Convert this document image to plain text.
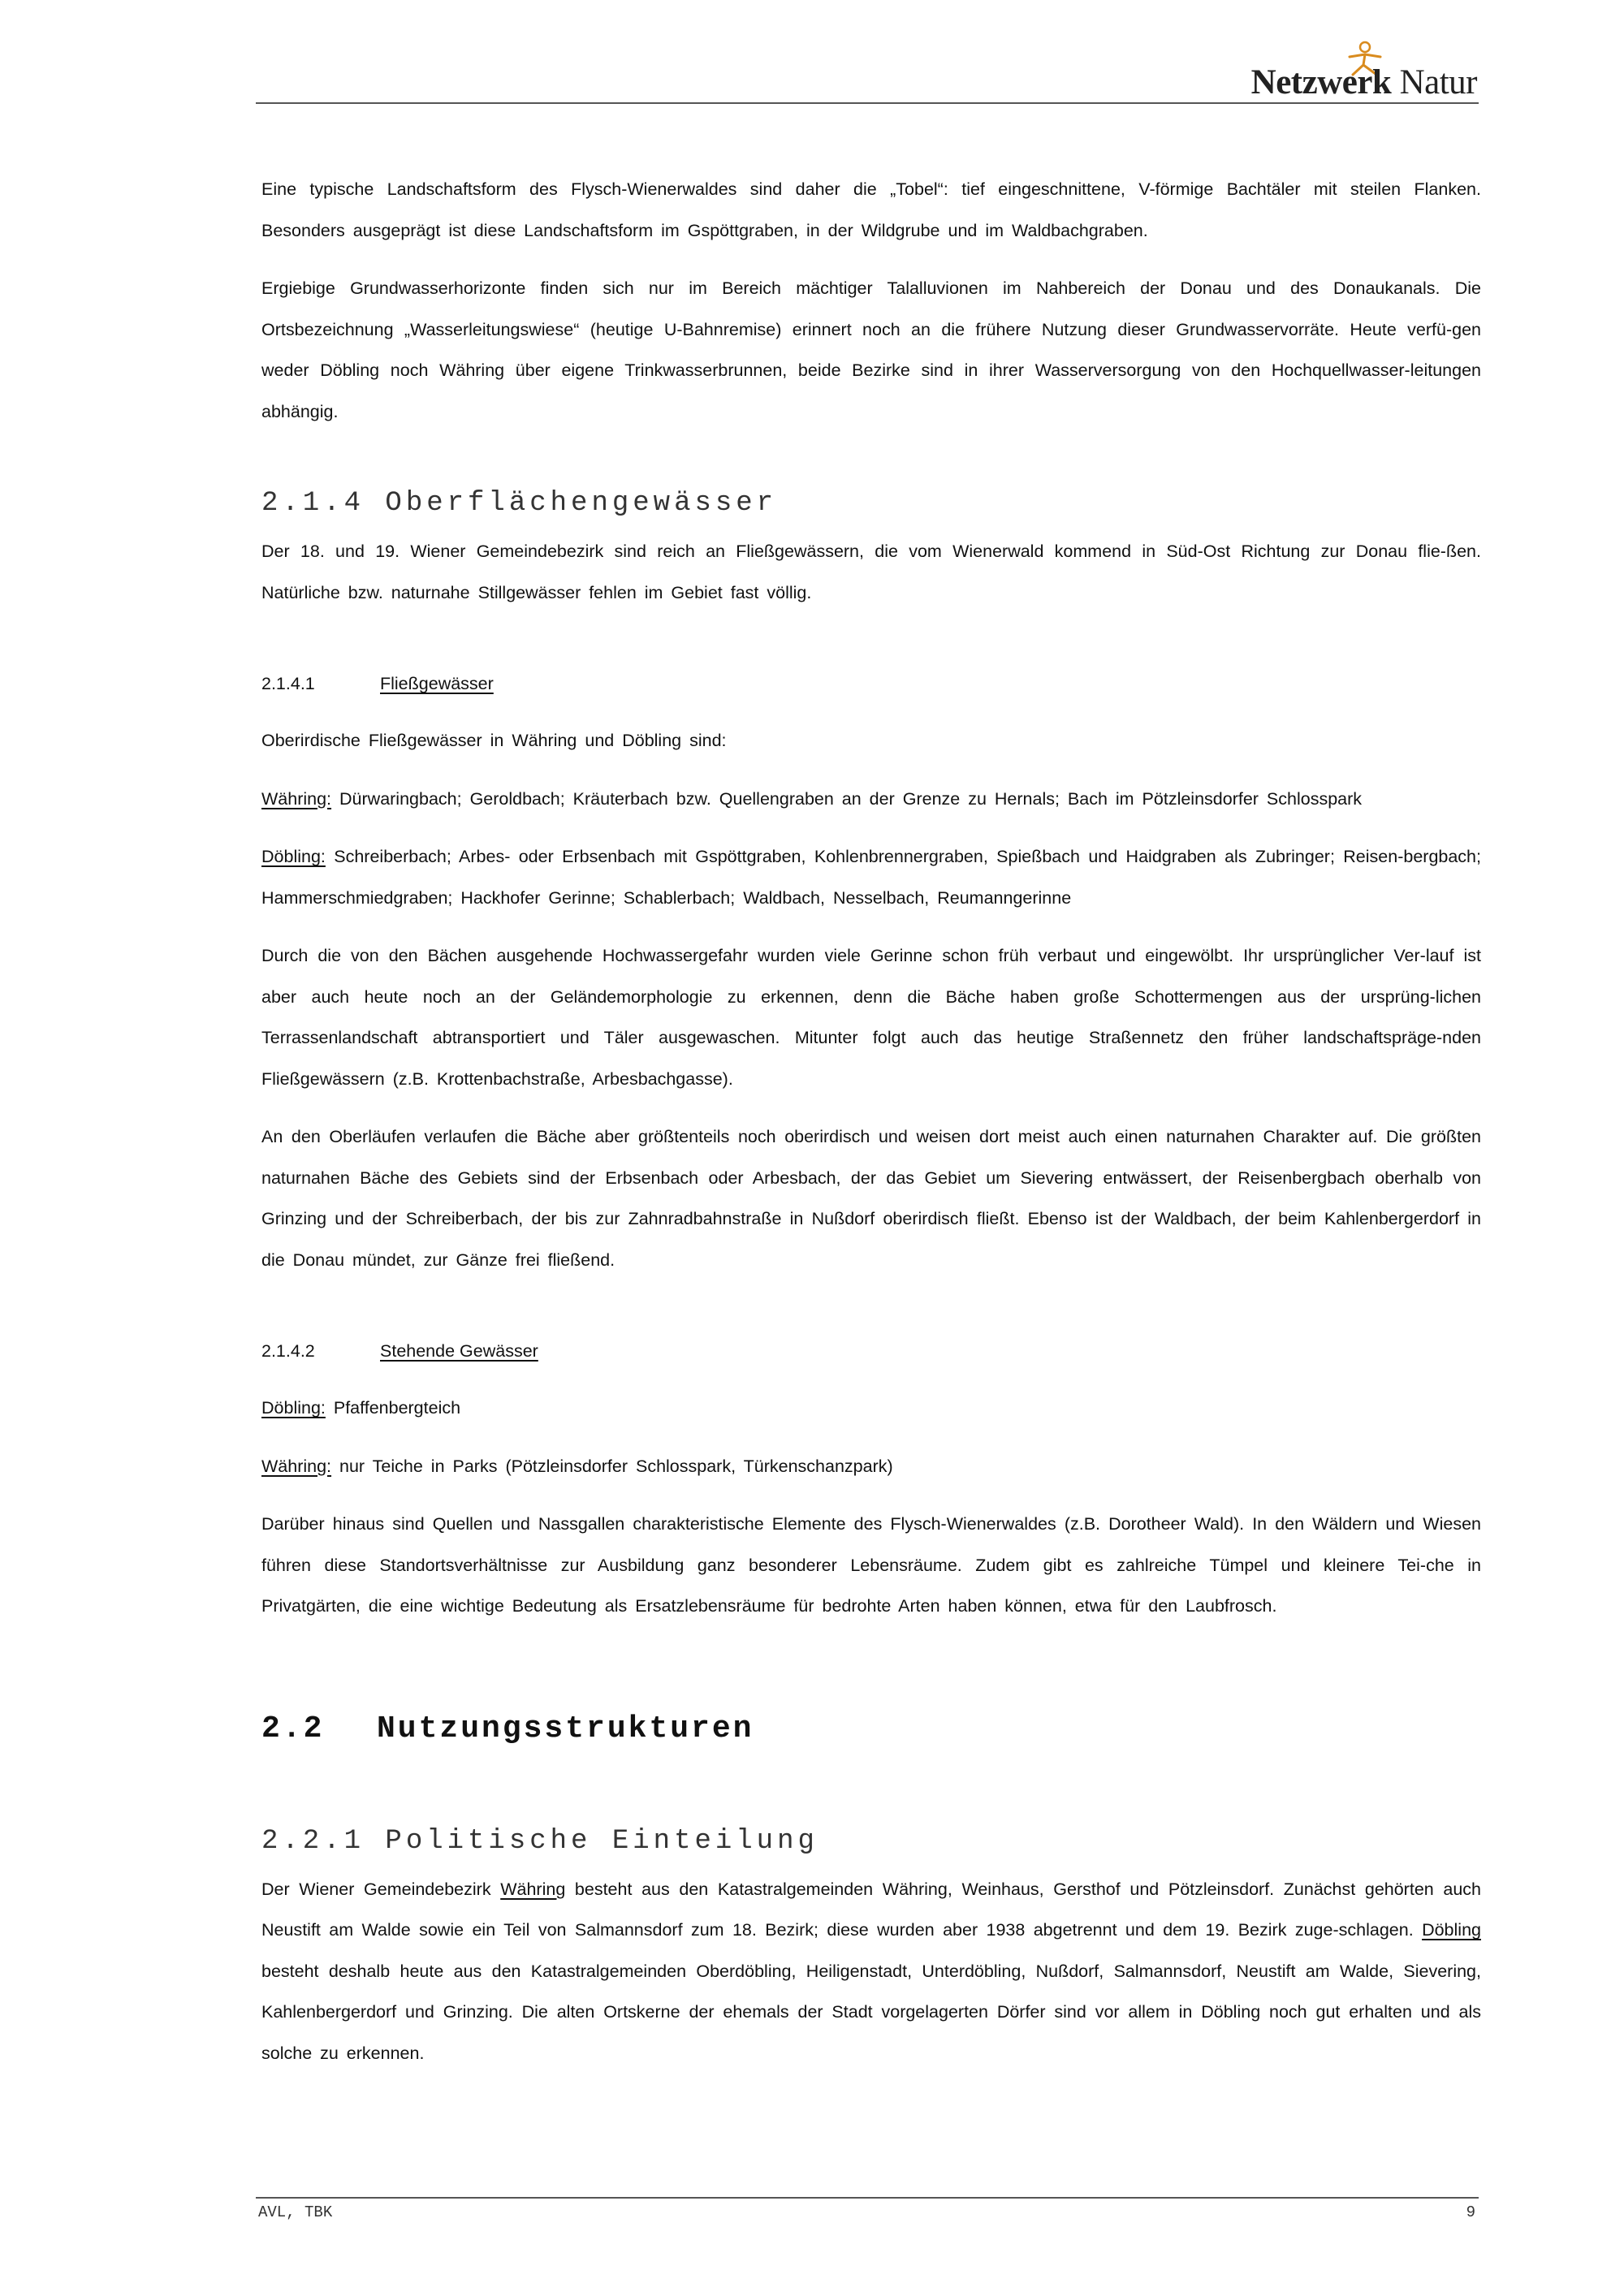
Netzwerk Natur

Eine typische Landschaftsform des Flysch-Wienerwaldes sind daher die „Tobel“: tief eingeschnittene, V-förmige Bachtäler mit steilen Flanken. Besonders ausgeprägt ist diese Landschaftsform im Gspöttgraben, in der Wildgrube und im Waldbachgraben.

Ergiebige Grundwasserhorizonte finden sich nur im Bereich mächtiger Talalluvionen im Nahbereich der Donau und des Donaukanals. Die Ortsbezeichnung „Wasserleitungswiese“ (heutige U-Bahnremise) erinnert noch an die frühere Nutzung dieser Grundwasservorräte. Heute verfü-gen weder Döbling noch Währing über eigene Trinkwasserbrunnen, beide Bezirke sind in ihrer Wasserversorgung von den Hochquellwasser-leitungen abhängig.

2.1.4 Oberflächengewässer

Der 18. und 19. Wiener Gemeindebezirk sind reich an Fließgewässern, die vom Wienerwald kommend in Süd-Ost Richtung zur Donau flie-ßen. Natürliche bzw. naturnahe Stillgewässer fehlen im Gebiet fast völlig.

2.1.4.1	Fließgewässer

Oberirdische Fließgewässer in Währing und Döbling sind:

Währing: Dürwaringbach; Geroldbach; Kräuterbach bzw. Quellengraben an der Grenze zu Hernals; Bach im Pötzleinsdorfer Schlosspark

Döbling: Schreiberbach; Arbes- oder Erbsenbach mit Gspöttgraben, Kohlenbrennergraben, Spießbach und Haidgraben als Zubringer; Reisen-bergbach; Hammerschmiedgraben; Hackhofer Gerinne; Schablerbach; Waldbach, Nesselbach, Reumanngerinne

Durch die von den Bächen ausgehende Hochwassergefahr wurden viele Gerinne schon früh verbaut und eingewölbt. Ihr ursprünglicher Ver-lauf ist aber auch heute noch an der Geländemorphologie zu erkennen, denn die Bäche haben große Schottermengen aus der ursprüng-lichen Terrassenlandschaft abtransportiert und Täler ausgewaschen. Mitunter folgt auch das heutige Straßennetz den früher landschaftspräge-nden Fließgewässern (z.B. Krottenbachstraße, Arbesbachgasse).

An den Oberläufen verlaufen die Bäche aber größtenteils noch oberirdisch und weisen dort meist auch einen naturnahen Charakter auf. Die größten naturnahen Bäche des Gebiets sind der Erbsenbach oder Arbesbach, der das Gebiet um Sievering entwässert, der Reisenbergbach oberhalb von Grinzing und der Schreiberbach, der bis zur Zahnradbahnstraße in Nußdorf oberirdisch fließt. Ebenso ist der Waldbach, der beim Kahlenbergerdorf in die Donau mündet, zur Gänze frei fließend.

2.1.4.2	Stehende Gewässer

Döbling: Pfaffenbergteich

Währing: nur Teiche in Parks (Pötzleinsdorfer Schlosspark, Türkenschanzpark)

Darüber hinaus sind Quellen und Nassgallen charakteristische Elemente des Flysch-Wienerwaldes (z.B. Dorotheer Wald). In den Wäldern und Wiesen führen diese Standortsverhältnisse zur Ausbildung ganz besonderer Lebensräume. Zudem gibt es zahlreiche Tümpel und kleinere Tei-che in Privatgärten, die eine wichtige Bedeutung als Ersatzlebensräume für bedrohte Arten haben können, etwa für den Laubfrosch.

2.2 Nutzungsstrukturen
2.2.1 Politische Einteilung

Der Wiener Gemeindebezirk Währing besteht aus den Katastralgemeinden Währing, Weinhaus, Gersthof und Pötzleinsdorf. Zunächst gehörten auch Neustift am Walde sowie ein Teil von Salmannsdorf zum 18. Bezirk; diese wurden aber 1938 abgetrennt und dem 19. Bezirk zuge-schlagen. Döbling besteht deshalb heute aus den Katastralgemeinden Oberdöbling, Heiligenstadt, Unterdöbling, Nußdorf, Salmannsdorf, Neustift am Walde, Sievering, Kahlenbergerdorf und Grinzing. Die alten Ortskerne der ehemals der Stadt vorgelagerten Dörfer sind vor allem in Döbling noch gut erhalten und als solche zu erkennen.

AVL, TBK	9
